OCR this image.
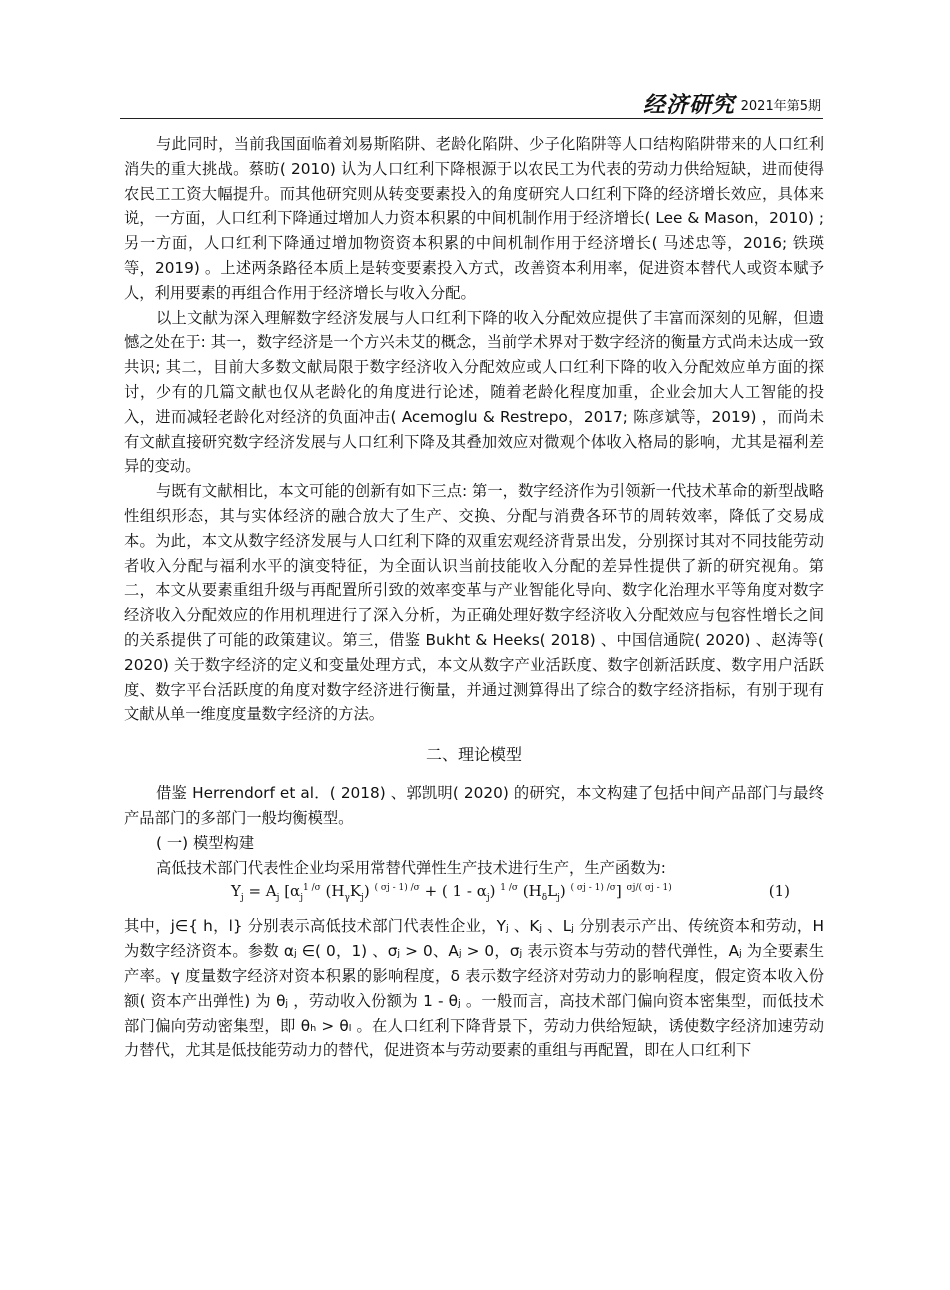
经济研究 2021年第5期

与此同时，当前我国面临着刘易斯陷阱、老龄化陷阱、少子化陷阱等人口结构陷阱带来的人口红利消失的重大挑战。蔡昉( 2010) 认为人口红利下降根源于以农民工为代表的劳动力供给短缺，进而使得农民工工资大幅提升。而其他研究则从转变要素投入的角度研究人口红利下降的经济增长效应，具体来说，一方面，人口红利下降通过增加人力资本积累的中间机制作用于经济增长( Lee & Mason，2010) ; 另一方面，人口红利下降通过增加物资资本积累的中间机制作用于经济增长( 马述忠等，2016; 铁瑛等，2019) 。上述两条路径本质上是转变要素投入方式，改善资本利用率，促进资本替代人或资本赋予人，利用要素的再组合作用于经济增长与收入分配。

以上文献为深入理解数字经济发展与人口红利下降的收入分配效应提供了丰富而深刻的见解，但遗憾之处在于: 其一，数字经济是一个方兴未艾的概念，当前学术界对于数字经济的衡量方式尚未达成一致共识; 其二，目前大多数文献局限于数字经济收入分配效应或人口红利下降的收入分配效应单方面的探讨，少有的几篇文献也仅从老龄化的角度进行论述，随着老龄化程度加重，企业会加大人工智能的投入，进而减轻老龄化对经济的负面冲击( Acemoglu & Restrepo，2017; 陈彦斌等，2019) ，而尚未有文献直接研究数字经济发展与人口红利下降及其叠加效应对微观个体收入格局的影响，尤其是福利差异的变动。

与既有文献相比，本文可能的创新有如下三点: 第一，数字经济作为引领新一代技术革命的新型战略性组织形态，其与实体经济的融合放大了生产、交换、分配与消费各环节的周转效率，降低了交易成本。为此，本文从数字经济发展与人口红利下降的双重宏观经济背景出发，分别探讨其对不同技能劳动者收入分配与福利水平的演变特征，为全面认识当前技能收入分配的差异性提供了新的研究视角。第二，本文从要素重组升级与再配置所引致的效率变革与产业智能化导向、数字化治理水平等角度对数字经济收入分配效应的作用机理进行了深入分析，为正确处理好数字经济收入分配效应与包容性增长之间的关系提供了可能的政策建议。第三，借鉴 Bukht & Heeks( 2018) 、中国信通院( 2020) 、赵涛等( 2020) 关于数字经济的定义和变量处理方式，本文从数字产业活跃度、数字创新活跃度、数字用户活跃度、数字平台活跃度的角度对数字经济进行衡量，并通过测算得出了综合的数字经济指标，有别于现有文献从单一维度度量数字经济的方法。

二、理论模型

借鉴 Herrendorf et al．( 2018) 、郭凯明( 2020) 的研究，本文构建了包括中间产品部门与最终产品部门的多部门一般均衡模型。

( 一) 模型构建

高低技术部门代表性企业均采用常替代弹性生产技术进行生产，生产函数为:

$Y_j = A_j$ [$\alpha_j^{1 /\sigma}$ $(H_\gamma K_j) ^{( \sigma j - 1) /\sigma}$ + ( $1 - \alpha_j$) $^{1 /\sigma}$ $(H_\delta L_j)$ $^{( \sigma j - 1) /\sigma}$] $^{\sigma j/( \sigma j - 1)}$	(1)

其中，j∈{ h，l} 分别表示高低技术部门代表性企业，Yⱼ 、Kⱼ 、Lⱼ 分别表示产出、传统资本和劳动，H 为数字经济资本。参数 αⱼ ∈( 0，1) 、σⱼ > 0、Aⱼ > 0，σⱼ 表示资本与劳动的替代弹性，Aⱼ 为全要素生产率。γ 度量数字经济对资本积累的影响程度，δ 表示数字经济对劳动力的影响程度，假定资本收入份额( 资本产出弹性) 为 θⱼ ，劳动收入份额为 1 - θⱼ 。一般而言，高技术部门偏向资本密集型，而低技术部门偏向劳动密集型，即 θₕ > θₗ 。在人口红利下降背景下，劳动力供给短缺，诱使数字经济加速劳动力替代，尤其是低技能劳动力的替代，促进资本与劳动要素的重组与再配置，即在人口红利下
